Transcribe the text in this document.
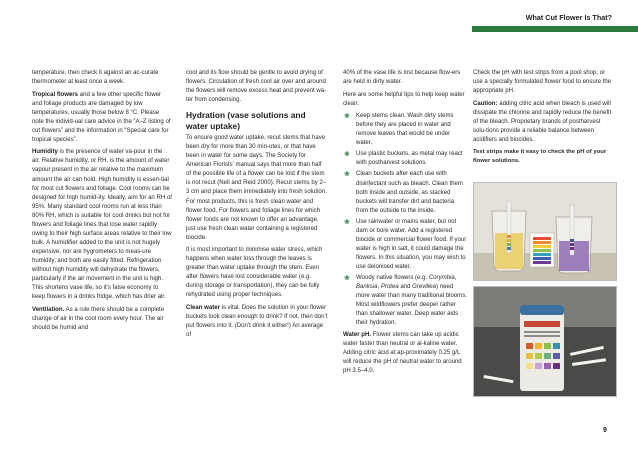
What Cut Flower Is That?

temperature, then check it against an ac-curate thermometer at least once a week.

Tropical flowers and a few other specific flower and foliage products are damaged by low temperatures, usually those below 8 °C. Please note the individ-ual care advice in the “A–Z listing of cut flowers” and the information in “Special care for tropical species”.

Humidity is the presence of water va-pour in the air. Relative humidity, or RH, is the amount of water vapour present in the air relative to the maximum amount the air can hold. High humidity is essen-tial for most cut flowers and foliage. Cool rooms can be designed for high humid-ity. Ideally, aim for an RH of 95%. Many standard cool rooms run at less than 80% RH, which is suitable for cool drinks but not for flowers and foliage lines that lose water rapidly owing to their high surface areas relative to their low bulk. A humidifier added to the unit is not hugely expensive, nor are hygrometers to meas-ure humidity, and both are easily fitted. Refrigeration without high humidity will dehydrate the flowers, particularly if the air movement in the unit is high. This shortens vase life, so it’s false economy to keep flowers in a drinks fridge, which has drier air.

Ventilation. As a rule there should be a complete change of air in the cool room every hour. The air should be humid and

cool and its flow should be gentle to avoid drying of flowers. Circulation of fresh cool air over and around the flowers will remove excess heat and prevent wa-ter from condensing.

Hydration (vase solutions and water uptake)

To ensure good water uptake, recut stems that have been dry for more than 30 min-utes, or that have been in water for some days. The Society for American Florists’ manual says that more than half of the possible life of a flower can be lost if the stem is not recut (Nell and Reid 2000). Recut stems by 2–3 cm and place them immediately into fresh solution. For most products, this is fresh clean water and flower food. For flowers and foliage lines for which flower foods are not known to offer an advantage, just use fresh clean water containing a registered biocide.

It is most important to minimise water stress, which happens when water loss through the leaves is greater than water uptake through the stem. Even after flowers have lost considerable water (e.g. during storage or transportation), they can be fully rehydrated using proper techniques.

Clean water is vital. Does the solution in your flower buckets look clean enough to drink? If not, then don’t put flowers into it. (Don’t drink it either!) An average of

40% of the vase life is lost because flow-ers are held in dirty water.

Here are some helpful tips to help keep water clean:

❀ Keep stems clean. Wash dirty stems before they are placed in water and remove leaves that would be under water.
❀ Use plastic buckets, as metal may react with postharvest solutions.
❀ Clean buckets after each use with disinfectant such as bleach. Clean them both inside and outside, as stacked buckets will transfer dirt and bacteria from the outside to the inside.
❀ Use rainwater or mains water, but not dam or bore water. Add a registered biocide or commercial flower food. If your water is high in salt, it could damage the flowers. In this situation, you may wish to use deionised water.
❀ Woody native flowers (e.g. Corymbia, Banksia, Protea and Grevillea) need more water than many traditional blooms. Most wildflowers prefer deeper rather than shallower water. Deep water aids their hydration.

Water pH. Flower stems can take up acidic water faster than neutral or al-kaline water. Adding citric acid at ap-proximately 0.25 g/L will reduce the pH of neutral water to around pH 3.5–4.0.

Check the pH with test strips from a pool shop, or use a specially formulated flower food to ensure the appropriate pH.

Caution: adding citric acid when bleach is used will dissipate the chlorine and rapidly reduce the benefit of the bleach. Proprietary brands of postharvest solu-tions provide a reliable balance between acidifiers and biocides.

Test strips make it easy to check the pH of your flower solutions.

9
